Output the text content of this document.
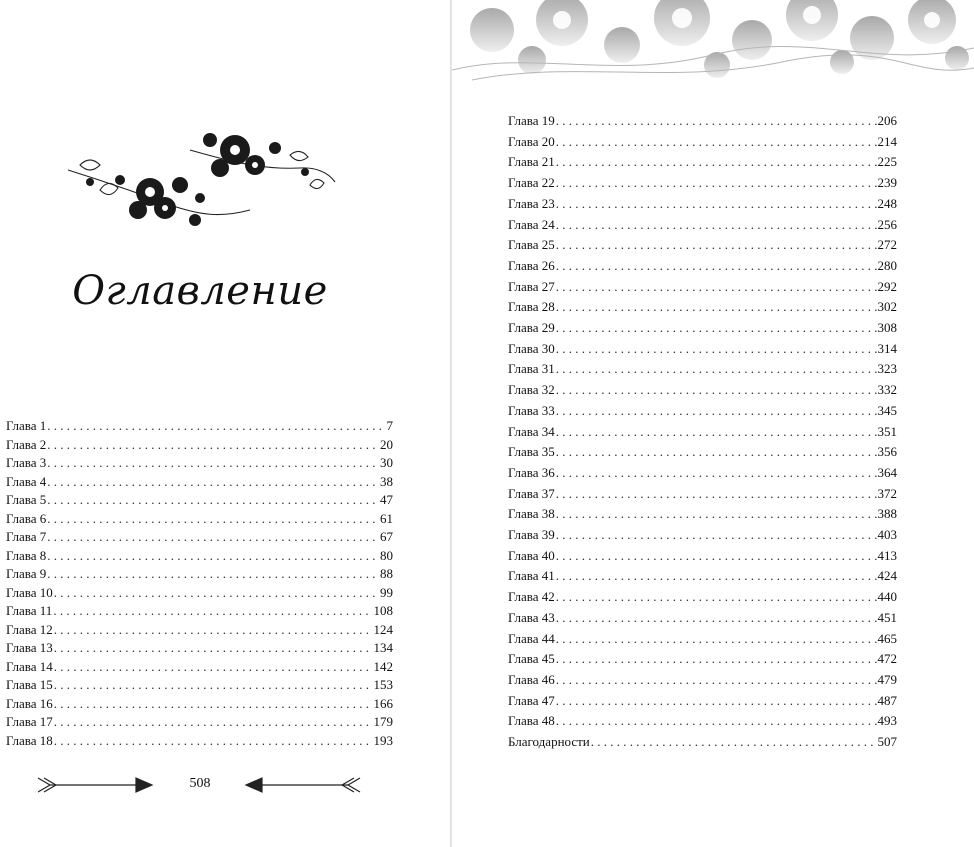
Оглавление
Глава 1 . . .	7
Глава 2 . . .	20
Глава 3 . . .	30
Глава 4 . . .	38
Глава 5 . . .	47
Глава 6 . . .	61
Глава 7 . . .	67
Глава 8 . . .	80
Глава 9 . . .	88
Глава 10 . . .	99
Глава 11 . . .	108
Глава 12 . . .	124
Глава 13 . . .	134
Глава 14 . . .	142
Глава 15 . . .	153
Глава 16 . . .	166
Глава 17 . . .	179
Глава 18 . . .	193
508
Глава 19 . . .	206
Глава 20 . . .	214
Глава 21 . . .	225
Глава 22 . . .	239
Глава 23 . . .	248
Глава 24 . . .	256
Глава 25 . . .	272
Глава 26 . . .	280
Глава 27 . . .	292
Глава 28 . . .	302
Глава 29 . . .	308
Глава 30 . . .	314
Глава 31 . . .	323
Глава 32 . . .	332
Глава 33 . . .	345
Глава 34 . . .	351
Глава 35 . . .	356
Глава 36 . . .	364
Глава 37 . . .	372
Глава 38 . . .	388
Глава 39 . . .	403
Глава 40 . . .	413
Глава 41 . . .	424
Глава 42 . . .	440
Глава 43 . . .	451
Глава 44 . . .	465
Глава 45 . . .	472
Глава 46 . . .	479
Глава 47 . . .	487
Глава 48 . . .	493
Благодарности . . .	507
